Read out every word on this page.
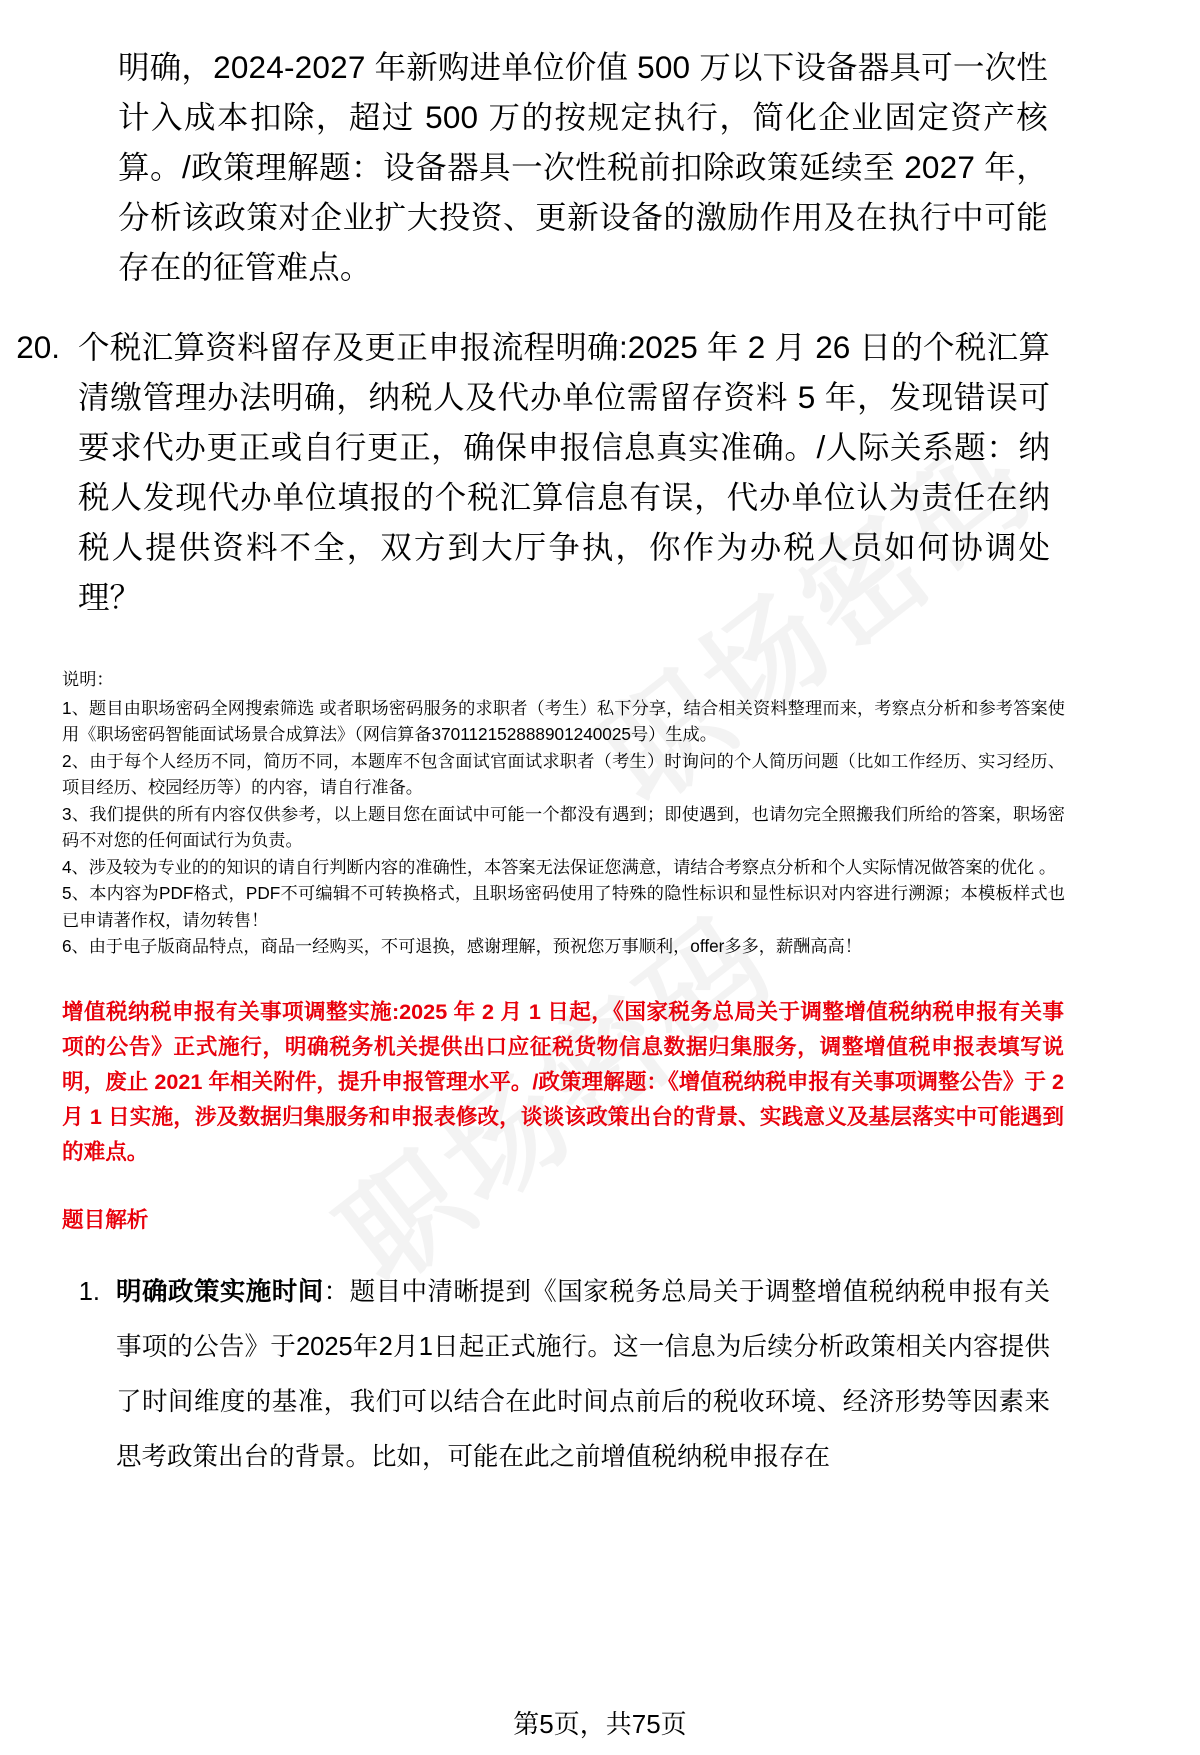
明确，2024-2027 年新购进单位价值 500 万以下设备器具可一次性计入成本扣除，超过 500 万的按规定执行，简化企业固定资产核算。/政策理解题：设备器具一次性税前扣除政策延续至 2027 年，分析该政策对企业扩大投资、更新设备的激励作用及在执行中可能存在的征管难点。

20. 个税汇算资料留存及更正申报流程明确:2025 年 2 月 26 日的个税汇算清缴管理办法明确，纳税人及代办单位需留存资料 5 年，发现错误可要求代办更正或自行更正，确保申报信息真实准确。/人际关系题：纳税人发现代办单位填报的个税汇算信息有误，代办单位认为责任在纳税人提供资料不全，双方到大厅争执，你作为办税人员如何协调处理？

说明：

1、题目由职场密码全网搜索筛选 或者职场密码服务的求职者（考生）私下分享，结合相关资料整理而来，考察点分析和参考答案使用《职场密码智能面试场景合成算法》（网信算备370112152888901240025号）生成。

2、由于每个人经历不同，简历不同，本题库不包含面试官面试求职者（考生）时询问的个人简历问题（比如工作经历、实习经历、项目经历、校园经历等）的内容，请自行准备。

3、我们提供的所有内容仅供参考，以上题目您在面试中可能一个都没有遇到；即使遇到，也请勿完全照搬我们所给的答案，职场密码不对您的任何面试行为负责。

4、涉及较为专业的的知识的请自行判断内容的准确性，本答案无法保证您满意，请结合考察点分析和个人实际情况做答案的优化 。

5、本内容为PDF格式，PDF不可编辑不可转换格式，且职场密码使用了特殊的隐性标识和显性标识对内容进行溯源；本模板样式也已申请著作权，请勿转售！

6、由于电子版商品特点，商品一经购买，不可退换，感谢理解，预祝您万事顺利，offer多多，薪酬高高！

增值税纳税申报有关事项调整实施:2025 年 2 月 1 日起，《国家税务总局关于调整增值税纳税申报有关事项的公告》正式施行，明确税务机关提供出口应征税货物信息数据归集服务，调整增值税申报表填写说明，废止 2021 年相关附件，提升申报管理水平。/政策理解题：《增值税纳税申报有关事项调整公告》于 2 月 1 日实施，涉及数据归集服务和申报表修改，谈谈该政策出台的背景、实践意义及基层落实中可能遇到的难点。
题目解析
1. 明确政策实施时间：题目中清晰提到《国家税务总局关于调整增值税纳税申报有关事项的公告》于2025年2月1日起正式施行。这一信息为后续分析政策相关内容提供了时间维度的基准，我们可以结合在此时间点前后的税收环境、经济形势等因素来思考政策出台的背景。比如，可能在此之前增值税纳税申报存在
第5页，共75页
